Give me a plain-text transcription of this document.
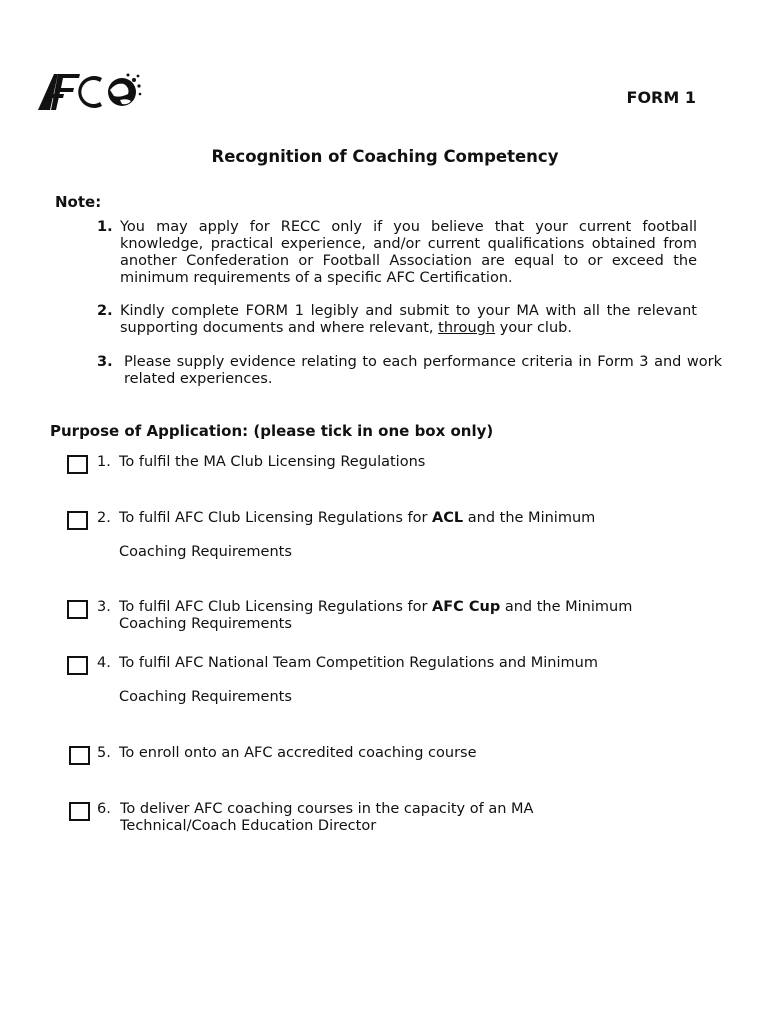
FORM 1
Recognition of Coaching Competency
Note:
1. You may apply for RECC only if you believe that your current football knowledge, practical experience, and/or current qualifications obtained from another Confederation or Football Association are equal to or exceed the minimum requirements of a specific AFC Certification.
2. Kindly complete FORM 1 legibly and submit to your MA with all the relevant supporting documents and where relevant, through your club.
3. Please supply evidence relating to each performance criteria in Form 3 and work related experiences.
Purpose of Application: (please tick in one box only)
1. To fulfil the MA Club Licensing Regulations
2. To fulfil AFC Club Licensing Regulations for ACL and the Minimum
Coaching Requirements
3. To fulfil AFC Club Licensing Regulations for AFC Cup and the Minimum
Coaching Requirements
4. To fulfil AFC National Team Competition Regulations and Minimum
Coaching Requirements
5. To enroll onto an AFC accredited coaching course
6. To deliver AFC coaching courses in the capacity of an MA
Technical/Coach Education Director
